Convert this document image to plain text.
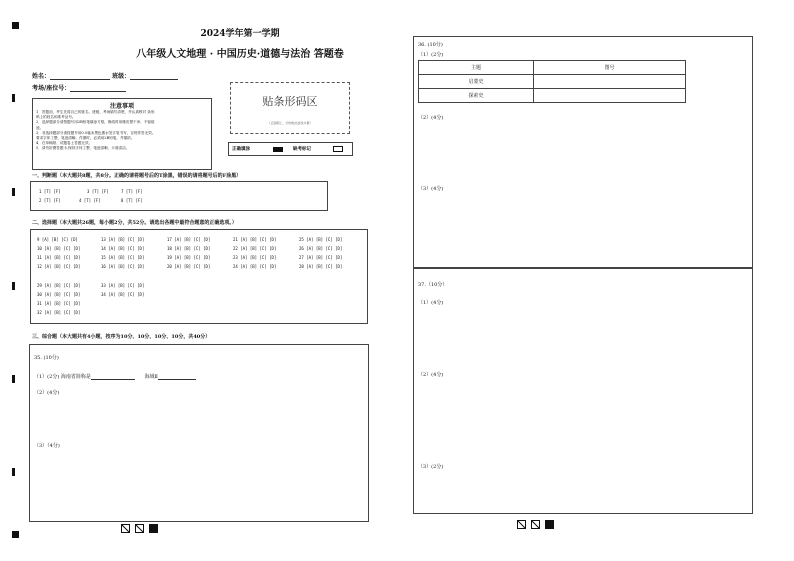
2024学年第一学期
八年级人文地理 · 中国历史·道德与法治 答题卷
姓名：	班级：
考场/座位号：
注意事项
1．答题前，考生先将自己的姓名、班级、考场填写清楚，并认真核对 条形
码上的姓名和准考证号。
2．选择题部分请按题号用2B铅笔填涂方框，修改时用橡皮擦干净，不留痕
迹。
3．非选择题部分请按题号用0.5毫米黑色墨水签字笔书写，否则作答无效。
要求字体工整、笔迹清晰。作图时，必须用2B铅笔，并描浓。
4．在草稿纸、试题卷上答题无效。
5．请勿折叠答题卡,保持字体工整、笔迹清晰、卡面清洁。
贴条形码区
（正面朝上，切勿贴出虚线方框）
正确填涂	缺考标记
一、判断题（本大题共8题，共8分。正确的请将题号后的T涂黑，错误的请将题号后的F涂黑）
1 [T] [F]	3 [T] [F]	7 [T] [F]
2 [T] [F]	4 [T] [F]	8 [T] [F]
二、选择题（本大题共26题，每小题2分，共52分。请选出各题中最符合题意的正确选项。）
9 [A] [B] [C] [D]	13 [A] [B] [C] [D]	17 [A] [B] [C] [D]	21 [A] [B] [C] [D]	25 [A] [B] [C] [D]
10 [A] [B] [C] [D]	14 [A] [B] [C] [D]	18 [A] [B] [C] [D]	22 [A] [B] [C] [D]	26 [A] [B] [C] [D]
11 [A] [B] [C] [D]	15 [A] [B] [C] [D]	19 [A] [B] [C] [D]	23 [A] [B] [C] [D]	27 [A] [B] [C] [D]
12 [A] [B] [C] [D]	16 [A] [B] [C] [D]	20 [A] [B] [C] [D]	24 [A] [B] [C] [D]	28 [A] [B] [C] [D]
29 [A] [B] [C] [D]	33 [A] [B] [C] [D]
30 [A] [B] [C] [D]	34 [A] [B] [C] [D]
31 [A] [B] [C] [D]
32 [A] [B] [C] [D]
三、综合题（本大题共有4小题，按序为10分、10分、10分、10分，共40分）
35. (10分)
（1）(2分) 海南省简称是	海域Ⅱ
（2）(4分)
（3）（4分)
36. (10分)
（1）(2分)
主题	图号
启蒙史	
探索史	
（2）(4分)
（3）(4分)
37.（10分）
（1）(4分)
（2）(4分)
（3）(2分)
